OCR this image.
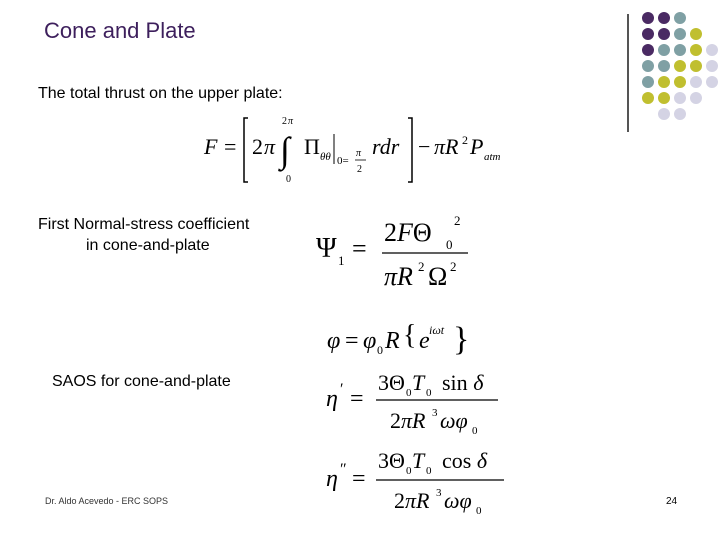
Cone and Plate
The total thrust on the upper plate:
F = 2 π
2 π
∫
0
Π θθ 0=
π
2
rdr − πR 2 P atm
First Normal-stress coefficient
in cone-and-plate	Ψ 1 =
2FΘ 0
2
πR 2 Ω 2
φ = φ 0 R { e iωt }
SAOS for cone-and-plate
η ′ =
3Θ 0 T 0 sin δ
2πR 3 ωφ 0
η ″ =
3Θ 0 T 0 cos δ
2πR 3 ωφ 0
Dr. Aldo Acevedo - ERC SOPS	24
